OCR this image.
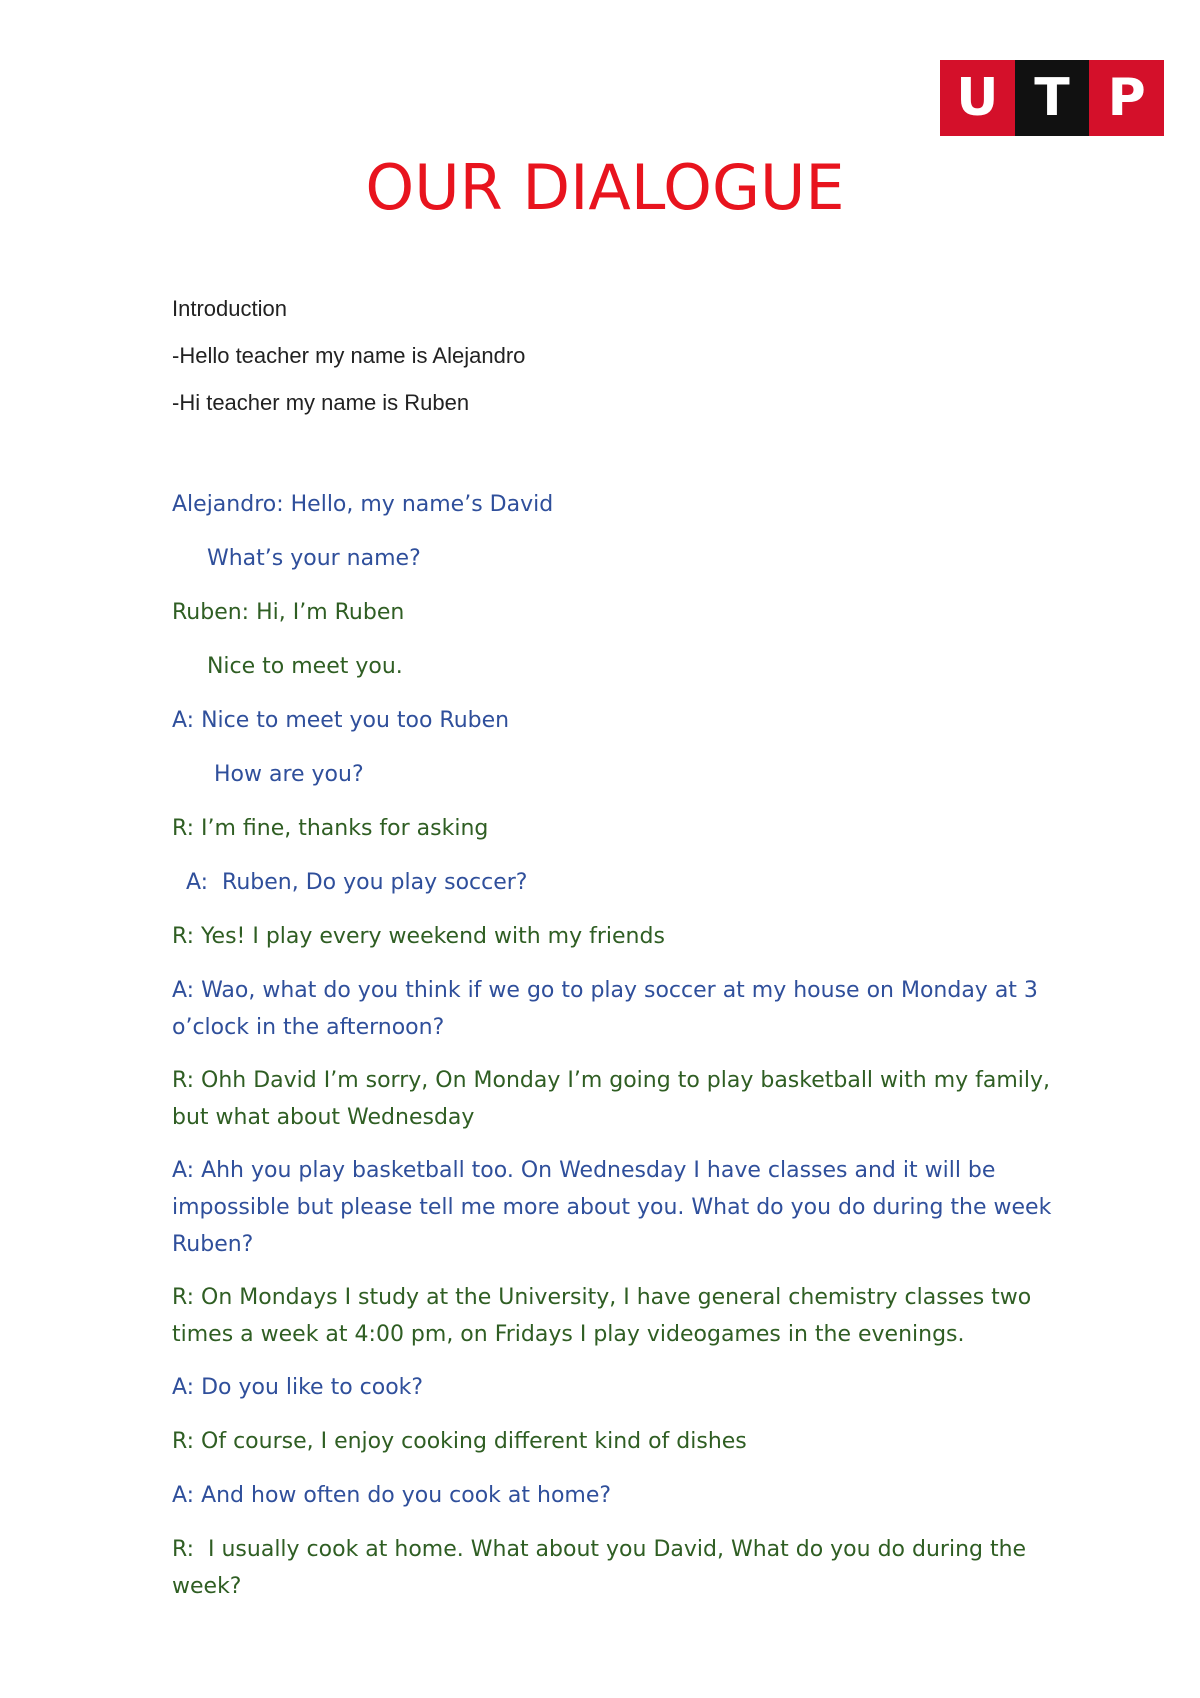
U T P
OUR DIALOGUE
Introduction
-Hello teacher my name is Alejandro
-Hi teacher my name is Ruben

Alejandro: Hello, my name’s David

What’s your name?

Ruben: Hi, I’m Ruben

Nice to meet you.

A: Nice to meet you too Ruben

How are you?

R: I’m fine, thanks for asking

A:  Ruben, Do you play soccer?

R: Yes! I play every weekend with my friends

A: Wao, what do you think if we go to play soccer at my house on Monday at 3 o’clock in the afternoon?

R: Ohh David I’m sorry, On Monday I’m going to play basketball with my family, but what about Wednesday

A: Ahh you play basketball too. On Wednesday I have classes and it will be impossible but please tell me more about you. What do you do during the week Ruben?

R: On Mondays I study at the University, I have general chemistry classes two times a week at 4:00 pm, on Fridays I play videogames in the evenings.

A: Do you like to cook?

R: Of course, I enjoy cooking different kind of dishes

A: And how often do you cook at home?

R:  I usually cook at home. What about you David, What do you do during the week?
